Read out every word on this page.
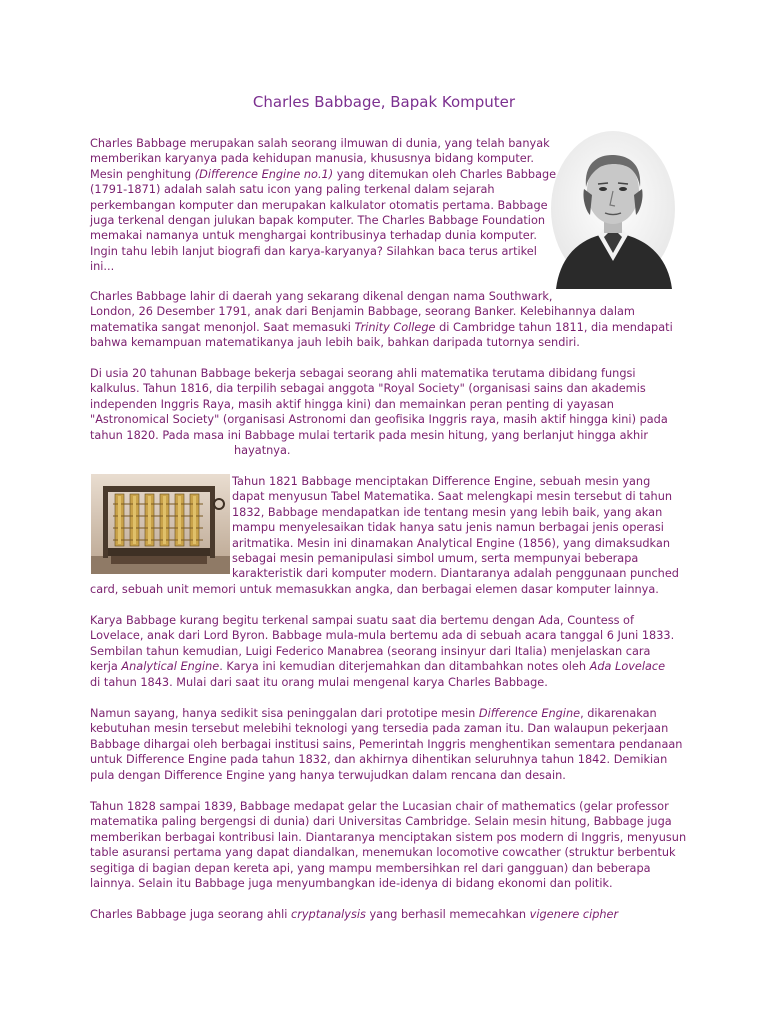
Charles Babbage, Bapak Komputer
Charles Babbage merupakan salah seorang ilmuwan di dunia, yang telah banyak
memberikan karyanya pada kehidupan manusia, khususnya bidang komputer.
Mesin penghitung (Difference Engine no.1) yang ditemukan oleh Charles Babbage
(1791-1871) adalah salah satu icon yang paling terkenal dalam sejarah
perkembangan komputer dan merupakan kalkulator otomatis pertama. Babbage
juga terkenal dengan julukan bapak komputer. The Charles Babbage Foundation
memakai namanya untuk menghargai kontribusinya terhadap dunia komputer.
Ingin tahu lebih lanjut biografi dan karya-karyanya? Silahkan baca terus artikel
ini...
Charles Babbage lahir di daerah yang sekarang dikenal dengan nama Southwark,
London, 26 Desember 1791, anak dari Benjamin Babbage, seorang Banker. Kelebihannya dalam
matematika sangat menonjol. Saat memasuki Trinity College di Cambridge tahun 1811, dia mendapati
bahwa kemampuan matematikanya jauh lebih baik, bahkan daripada tutornya sendiri.
Di usia 20 tahunan Babbage bekerja sebagai seorang ahli matematika terutama dibidang fungsi
kalkulus. Tahun 1816, dia terpilih sebagai anggota "Royal Society" (organisasi sains dan akademis
independen Inggris Raya, masih aktif hingga kini) dan memainkan peran penting di yayasan
"Astronomical Society" (organisasi Astronomi dan geofisika Inggris raya, masih aktif hingga kini) pada
tahun 1820. Pada masa ini Babbage mulai tertarik pada mesin hitung, yang berlanjut hingga akhir
hayatnya.
Tahun 1821 Babbage menciptakan Difference Engine, sebuah mesin yang
dapat menyusun Tabel Matematika. Saat melengkapi mesin tersebut di tahun
1832, Babbage mendapatkan ide tentang mesin yang lebih baik, yang akan
mampu menyelesaikan tidak hanya satu jenis namun berbagai jenis operasi
aritmatika. Mesin ini dinamakan Analytical Engine (1856), yang dimaksudkan
sebagai mesin pemanipulasi simbol umum, serta mempunyai beberapa
karakteristik dari komputer modern. Diantaranya adalah penggunaan punched
card, sebuah unit memori untuk memasukkan angka, dan berbagai elemen dasar komputer lainnya.
Karya Babbage kurang begitu terkenal sampai suatu saat dia bertemu dengan Ada, Countess of
Lovelace, anak dari Lord Byron. Babbage mula-mula bertemu ada di sebuah acara tanggal 6 Juni 1833.
Sembilan tahun kemudian, Luigi Federico Manabrea (seorang insinyur dari Italia) menjelaskan cara
kerja Analytical Engine. Karya ini kemudian diterjemahkan dan ditambahkan notes oleh Ada Lovelace
di tahun 1843. Mulai dari saat itu orang mulai mengenal karya Charles Babbage.
Namun sayang, hanya sedikit sisa peninggalan dari prototipe mesin Difference Engine, dikarenakan
kebutuhan mesin tersebut melebihi teknologi yang tersedia pada zaman itu. Dan walaupun pekerjaan
Babbage dihargai oleh berbagai institusi sains, Pemerintah Inggris menghentikan sementara pendanaan
untuk Difference Engine pada tahun 1832, dan akhirnya dihentikan seluruhnya tahun 1842. Demikian
pula dengan Difference Engine yang hanya terwujudkan dalam rencana dan desain.
Tahun 1828 sampai 1839, Babbage medapat gelar the Lucasian chair of mathematics (gelar professor
matematika paling bergengsi di dunia) dari Universitas Cambridge. Selain mesin hitung, Babbage juga
memberikan berbagai kontribusi lain. Diantaranya menciptakan sistem pos modern di Inggris, menyusun
table asuransi pertama yang dapat diandalkan, menemukan locomotive cowcather (struktur berbentuk
segitiga di bagian depan kereta api, yang mampu membersihkan rel dari gangguan) dan beberapa
lainnya. Selain itu Babbage juga menyumbangkan ide-idenya di bidang ekonomi dan politik.
Charles Babbage juga seorang ahli cryptanalysis yang berhasil memecahkan vigenere cipher
